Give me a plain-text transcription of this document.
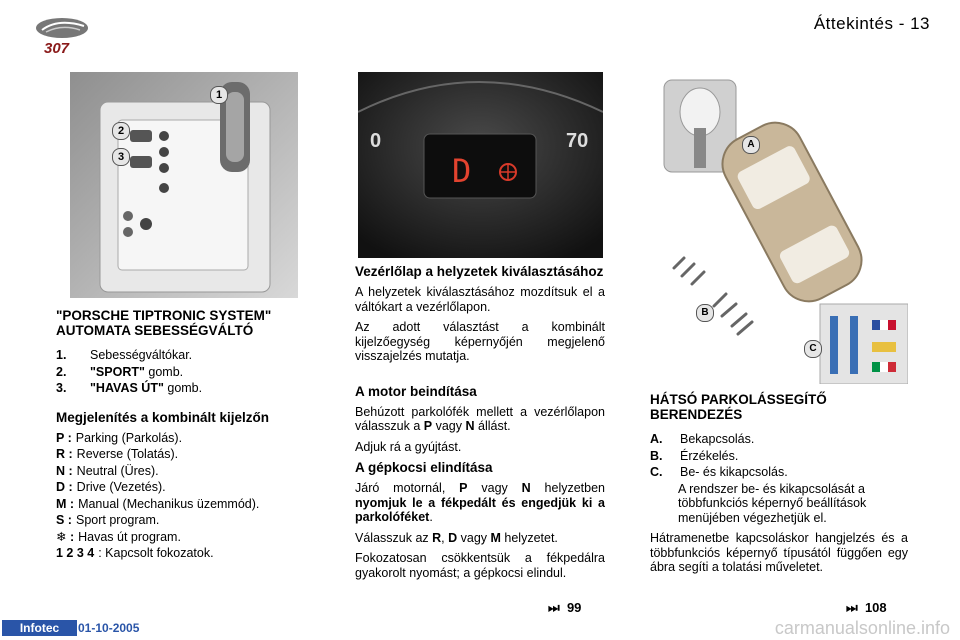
307
Áttekintés - 13
1
2
3
"PORSCHE TIPTRONIC SYSTEM" AUTOMATA SEBESSÉGVÁLTÓ
1.	Sebességváltókar.
2.	"SPORT" gomb.
3.	"HAVAS ÚT" gomb.
Megjelenítés a kombinált kijelzőn
P : Parking (Parkolás).
R : Reverse (Tolatás).
N : Neutral (Üres).
D : Drive (Vezetés).
M : Manual (Mechanikus üzemmód).
S : Sport program.
❄ : Havas út program.
1 2 3 4 : Kapcsolt fokozatok.
0	70
D
Vezérlőlap a helyzetek kiválasztásához

A helyzetek kiválasztásához mozdítsuk el a váltókart a vezérlőlapon.

Az adott választást a kombinált kijelzőegység képernyőjén megjelenő visszajelzés mutatja.

A motor beindítása

Behúzott parkolófék mellett a vezérlőlapon válasszuk a P vagy N állást.

Adjuk rá a gyújtást.

A gépkocsi elindítása

Járó motornál, P vagy N helyzetben nyomjuk le a fékpedált és engedjük ki a parkolóféket.

Válasszuk az R, D vagy M helyzetet.

Fokozatosan csökkentsük a fékpedálra gyakorolt nyomást; a gépkocsi elindul.

⏭ 99
A
B
C
HÁTSÓ PARKOLÁSSEGÍTŐ BERENDEZÉS
A.	Bekapcsolás.
B.	Érzékelés.
C.	Be- és kikapcsolás.

A rendszer be- és kikapcsolását a többfunkciós képernyő beállítások menüjében végezhetjük el.

Hátramenetbe kapcsoláskor hangjelzés és a többfunkciós képernyő típusától függően egy ábra segíti a tolatási műveletet.

⏭ 108
Infotec	01-10-2005	carmanualsonline.info
